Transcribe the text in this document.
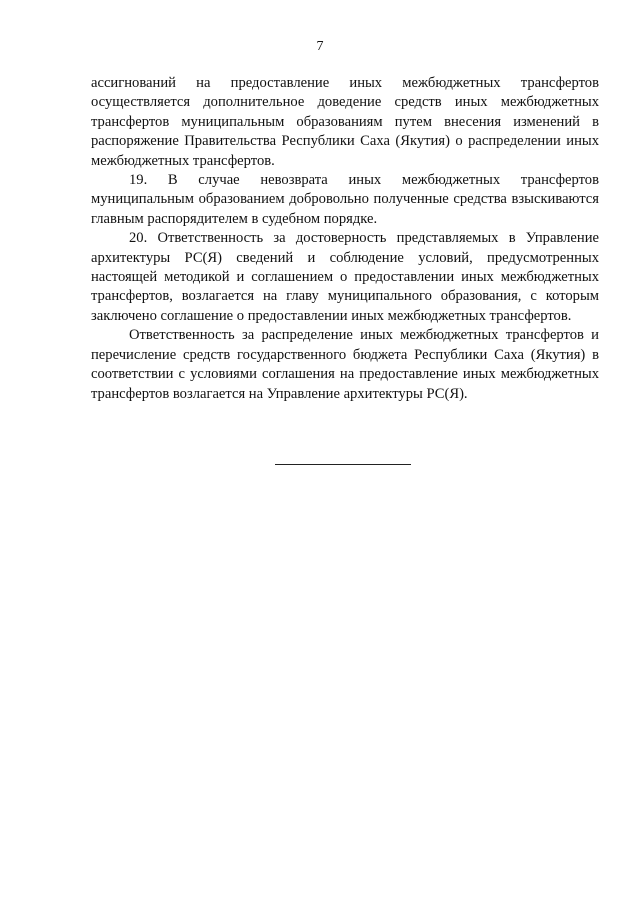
7

ассигнований на предоставление иных межбюджетных трансфертов осуществляется дополнительное доведение средств иных межбюджетных трансфертов муниципальным образованиям путем внесения изменений в распоряжение Правительства Республики Саха (Якутия) о распределении иных межбюджетных трансфертов.

19. В случае невозврата иных межбюджетных трансфертов муниципальным образованием добровольно полученные средства взыскиваются главным распорядителем в судебном порядке.

20. Ответственность за достоверность представляемых в Управление архитектуры РС(Я) сведений и соблюдение условий, предусмотренных настоящей методикой и соглашением о предоставлении иных межбюджетных трансфертов, возлагается на главу муниципального образования, с которым заключено соглашение о предоставлении иных межбюджетных трансфертов.

Ответственность за распределение иных межбюджетных трансфертов и перечисление средств государственного бюджета Республики Саха (Якутия) в соответствии с условиями соглашения на предоставление иных межбюджетных трансфертов возлагается на Управление архитектуры РС(Я).
